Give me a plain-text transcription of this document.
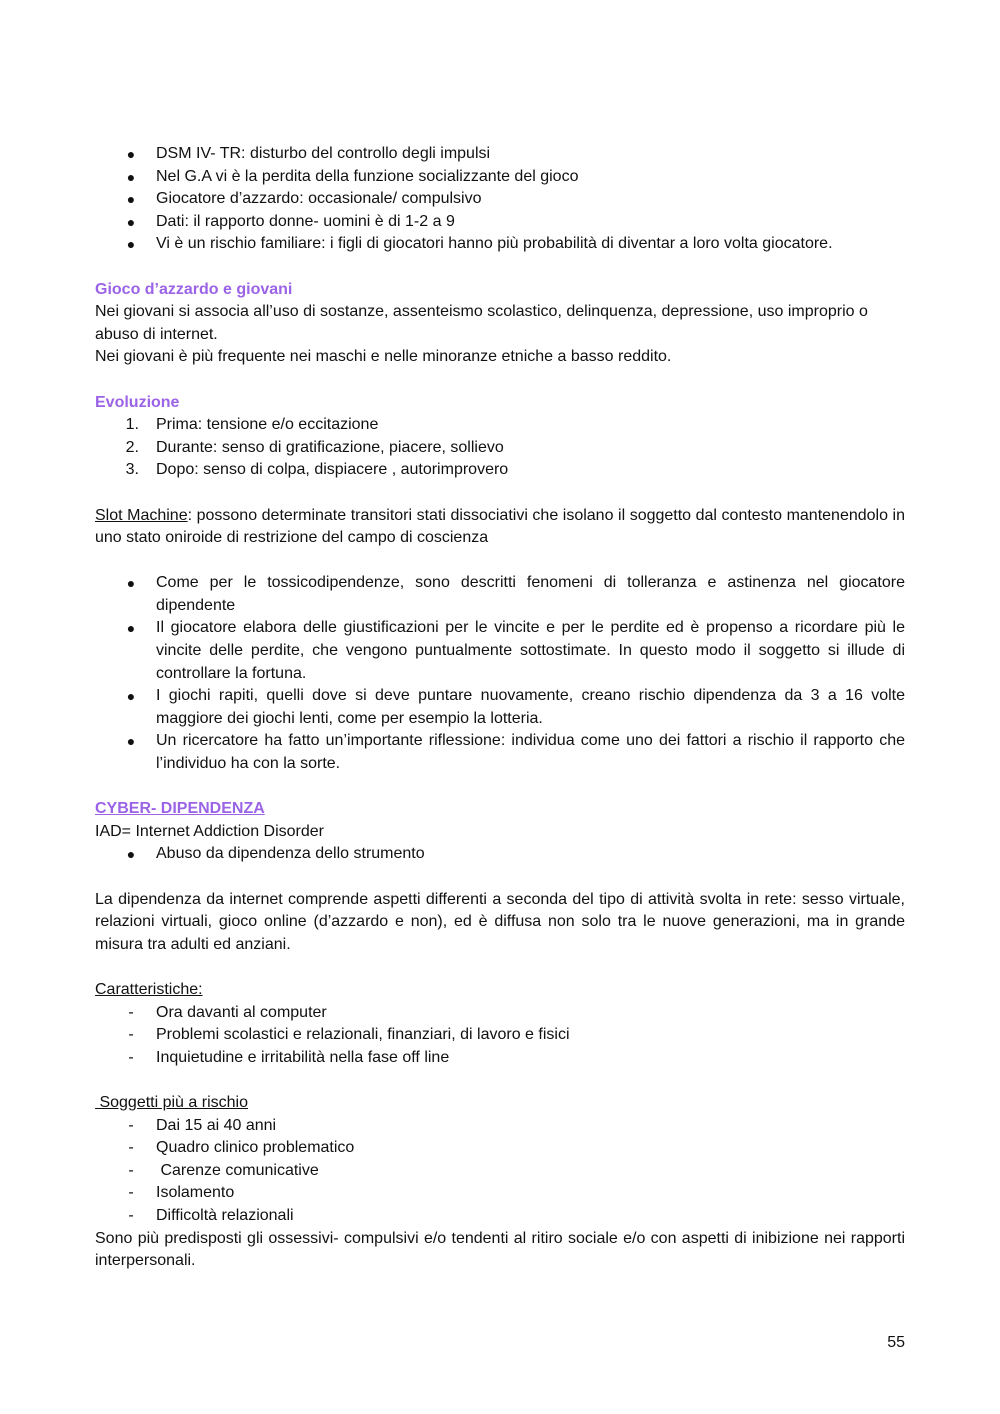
●	DSM IV- TR: disturbo del controllo degli impulsi
●	Nel G.A vi è la perdita della funzione socializzante del gioco
●	Giocatore d’azzardo: occasionale/ compulsivo
●	Dati: il rapporto donne- uomini è di 1-2 a 9
●	Vi è un rischio familiare: i figli di giocatori hanno più probabilità di diventar a loro volta giocatore.

Gioco d’azzardo e giovani

Nei giovani si associa all’uso di sostanze, assenteismo scolastico, delinquenza, depressione, uso improprio o abuso di internet.

Nei giovani è più frequente nei maschi e nelle minoranze etniche a basso reddito.

Evoluzione

1. Prima: tensione e/o eccitazione
2. Durante: senso di gratificazione, piacere, sollievo
3. Dopo: senso di colpa, dispiacere , autorimprovero

Slot Machine: possono determinate transitori stati dissociativi che isolano il soggetto dal contesto mantenendolo in uno stato oniroide di restrizione del campo di coscienza

●	Come per le tossicodipendenze, sono descritti fenomeni di tolleranza e astinenza nel giocatore dipendente
●	Il giocatore elabora delle giustificazioni per le vincite e per le perdite ed è propenso a ricordare più le vincite delle perdite, che vengono puntualmente sottostimate. In questo modo il soggetto si illude di controllare la fortuna.
●	I giochi rapiti, quelli dove si deve puntare nuovamente, creano rischio dipendenza da 3 a 16 volte maggiore dei giochi lenti, come per esempio la lotteria.
●	Un ricercatore ha fatto un’importante riflessione: individua come uno dei fattori a rischio il rapporto che l’individuo ha con la sorte.

CYBER- DIPENDENZA

IAD= Internet Addiction Disorder

●	Abuso da dipendenza dello strumento

La dipendenza da internet comprende aspetti differenti a seconda del tipo di attività svolta in rete: sesso virtuale, relazioni virtuali, gioco online (d’azzardo e non), ed è diffusa non solo tra le nuove generazioni, ma in grande misura tra adulti ed anziani.

Caratteristiche:

-	Ora davanti al computer
-	Problemi scolastici e relazionali, finanziari, di lavoro e fisici
-	Inquietudine e irritabilità nella fase off line

Soggetti più a rischio

-	Dai 15 ai 40 anni
-	Quadro clinico problematico
-	Carenze comunicative
-	Isolamento
-	Difficoltà relazionali

Sono più predisposti gli ossessivi- compulsivi e/o tendenti al ritiro sociale e/o con aspetti di inibizione nei rapporti interpersonali.

55
